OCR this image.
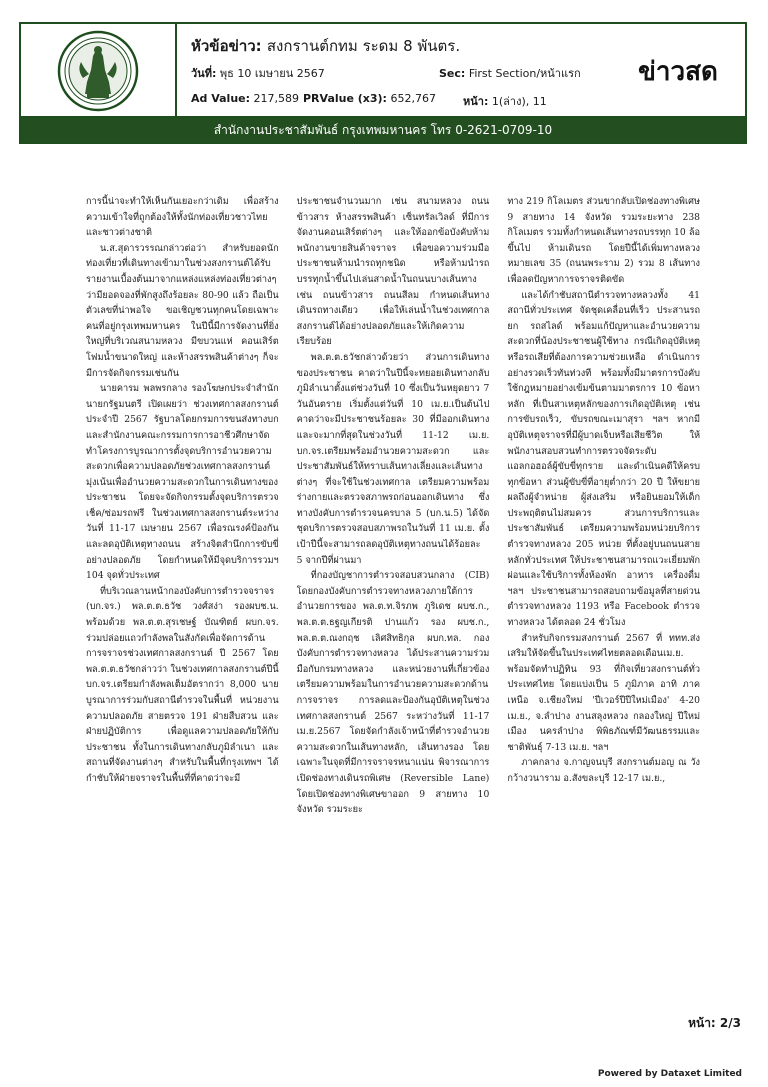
หัวข้อข่าว: สงกรานต์กทม ระดม 8 พันตร.
วันที่: พุธ 10 เมษายน 2567	Sec: First Section/หน้าแรก
Ad Value: 217,589 PRValue (x3): 652,767 หน้า: 1(ล่าง), 11
ข่าวสด
สำนักงานประชาสัมพันธ์ กรุงเทพมหานคร โทร 0-2621-0709-10

การนี้น่าจะทำให้เห็นกันเยอะกว่าเดิม เพื่อสร้างความเข้าใจที่ถูกต้องให้ทั้งนักท่องเที่ยวชาวไทยและชาวต่างชาติ

น.ส.สุดารวรรณกล่าวต่อว่า สำหรับยอดนักท่องเที่ยวที่เดินทางเข้ามาในช่วงสงกรานต์ได้รับรายงานเบื้องต้นมาจากแหล่งแหล่งท่องเที่ยวต่างๆ ว่ามียอดจองที่พักสูงถึงร้อยละ 80-90 แล้ว ถือเป็นตัวเลขที่น่าพอใจ ขอเชิญชวนทุกคนโดยเฉพาะคนที่อยู่กรุงเทพมหานคร ในปีนี้มีการจัดงานที่ยิ่งใหญ่ที่บริเวณสนามหลวง มีขบวนแห่ คอนเสิร์ต โฟมน้ำขนาดใหญ่ และห้างสรรพสินค้าต่างๆ ก็จะมีการจัดกิจกรรมเช่นกัน

นายคารม พลพรกลาง รองโฆษกประจำสำนักนายกรัฐมนตรี เปิดเผยว่า ช่วงเทศกาลสงกรานต์ประจำปี 2567 รัฐบาลโดยกรมการขนส่งทางบกและสำนักงานคณะกรรมการการอาชีวศึกษาจัดทำโครงการบูรณาการตั้งจุดบริการอำนวยความสะดวกเพื่อความปลอดภัยช่วงเทศกาลสงกรานต์ มุ่งเน้นเพื่ออำนวยความสะดวกในการเดินทางของประชาชน โดยจะจัดกิจกรรมตั้งจุดบริการตรวจเช็ค/ซ่อมรถฟรี ในช่วงเทศกาลสงกรานต์ระหว่างวันที่ 11-17 เมษายน 2567 เพื่อรณรงค์ป้องกันและลดอุบัติเหตุทางถนน สร้างจิตสำนึกการขับขี่อย่างปลอดภัย โดยกำหนดให้มีจุดบริการรวมฯ 104 จุดทั่วประเทศ

ที่บริเวณลานหน้ากองบังคับการตำรวจจราจร (บก.จร.) พล.ต.ต.ธวัช วงศ์สง่า รองผบช.น. พร้อมด้วย พล.ต.ต.สุรเชษฐ์ บัณฑิตย์ ผบก.จร. ร่วมปล่อยแถวกำลังพลในสังกัดเพื่อจัดการด้านการจราจรช่วงเทศกาลสงกรานต์ ปี 2567 โดย พล.ต.ต.ธวัชกล่าวว่า ในช่วงเทศกาลสงกรานต์ปีนี้ บก.จร.เตรียมกำลังพลเต็มอัตรากว่า 8,000 นาย บูรณาการร่วมกับสถานีตำรวจในพื้นที่ หน่วยงานความปลอดภัย สายตรวจ 191 ฝ่ายสืบสวน และฝ่ายปฏิบัติการ เพื่อดูแลความปลอดภัยให้กับประชาชน ทั้งในการเดินทางกลับภูมิลำเนา และสถานที่จัดงานต่างๆ สำหรับในพื้นที่กรุงเทพฯ ได้กำชับให้ฝ่ายจราจรในพื้นที่ที่คาดว่าจะมี

ประชาชนจำนวนมาก เช่น สนามหลวง ถนนข้าวสาร ห้างสรรพสินค้า เซ็นทรัลเวิลด์ ที่มีการจัดงานคอนเสิร์ตต่างๆ และให้ออกข้อบังคับห้ามพนักงานขายสินค้าจราจร เพื่อขอความร่วมมือประชาชนห้ามนำรถทุกชนิด หรือห้ามนำรถบรรทุกน้ำขึ้นไปเล่นสาดน้ำในถนนบางเส้นทาง เช่น ถนนข้าวสาร ถนนสีลม กำหนดเส้นทางเดินรถทางเดียว เพื่อให้เล่นน้ำในช่วงเทศกาลสงกรานต์ได้อย่างปลอดภัยและให้เกิดความเรียบร้อย

พล.ต.ต.ธวัชกล่าวด้วยว่า ส่วนการเดินทางของประชาชน คาดว่าในปีนี้จะทยอยเดินทางกลับภูมิลำเนาตั้งแต่ช่วงวันที่ 10 ซึ่งเป็นวันหยุดยาว 7 วันอันตราย เริ่มตั้งแต่วันที่ 10 เม.ย.เป็นต้นไป คาดว่าจะมีประชาชนร้อยละ 30 ที่มีออกเดินทาง และจะมากที่สุดในช่วงวันที่ 11-12 เม.ย. บก.จร.เตรียมพร้อมอำนวยความสะดวก และประชาสัมพันธ์ให้ทราบเส้นทางเลี่ยงและเส้นทางต่างๆ ที่จะใช้ในช่วงเทศกาล เตรียมความพร้อมร่างกายและตรวจสภาพรถก่อนออกเดินทาง ซึ่งทางบังคับการตำรวจนครบาล 5 (บก.น.5) ได้จัดชุดบริการตรวจสอบสภาพรถในวันที่ 11 เม.ย. ตั้งเป้าปีนี้จะสามารถลดอุบัติเหตุทางถนนได้ร้อยละ 5 จากปีที่ผ่านมา

ที่กองบัญชาการตำรวจสอบสวนกลาง (CIB) โดยกองบังคับการตำรวจทางหลวงภายใต้การอำนวยการของ พล.ต.ท.จิรภพ ภูริเดช ผบช.ก., พล.ต.ต.ธฐญเกียรติ ปานแก้ว รอง ผบช.ก., พล.ต.ต.ณงกฤช เลิศสิทธิกุล ผบก.ทล. กองบังคับการตำรวจทางหลวง ได้ประสานความร่วมมือกับกรมทางหลวง และหน่วยงานที่เกี่ยวข้องเตรียมความพร้อมในการอำนวยความสะดวกด้านการจราจร การลดและป้องกันอุบัติเหตุในช่วงเทศกาลสงกรานต์ 2567 ระหว่างวันที่ 11-17 เม.ย.2567 โดยจัดกำลังเจ้าหน้าที่ตำรวจอำนวยความสะดวกในเส้นทางหลัก, เส้นทางรอง โดยเฉพาะในจุดที่มีการจราจรหนาแน่น พิจารณาการเปิดช่องทางเดินรถพิเศษ (Reversible Lane) โดยเปิดช่องทางพิเศษขาออก 9 สายทาง 10 จังหวัด รวมระยะ

ทาง 219 กิโลเมตร ส่วนขากลับเปิดช่องทางพิเศษ 9 สายทาง 14 จังหวัด รวมระยะทาง 238 กิโลเมตร รวมทั้งกำหนดเส้นทางรถบรรทุก 10 ล้อขึ้นไป ห้ามเดินรถ โดยปีนี้ได้เพิ่มทางหลวงหมายเลข 35 (ถนนพระราม 2) รวม 8 เส้นทาง เพื่อลดปัญหาการจราจรติดขัด

และได้กำชับสถานีตำรวจทางหลวงทั้ง 41 สถานีทั่วประเทศ จัดชุดเคลื่อนที่เร็ว ประสานรถยก รถสไลด์ พร้อมแก้ปัญหาและอำนวยความสะดวกที่น้องประชาชนผู้ใช้ทาง กรณีเกิดอุบัติเหตุหรือรถเสียที่ต้องการความช่วยเหลือ ดำเนินการอย่างรวดเร็วทันท่วงที พร้อมทั้งมีมาตรการบังคับใช้กฎหมายอย่างเข้มข้นตามมาตรการ 10 ข้อหาหลัก ที่เป็นสาเหตุหลักของการเกิดอุบัติเหตุ เช่น การขับรถเร็ว, ขับรถขณะเมาสุรา ฯลฯ หากมีอุบัติเหตุจราจรที่มีผู้บาดเจ็บหรือเสียชีวิต ให้พนักงานสอบสวนทำการตรวจจัดระดับแอลกอฮอล์ผู้ขับขี่ทุกราย และดำเนินคดีให้ครบทุกข้อหา ส่วนผู้ขับขี่ที่อายุต่ำกว่า 20 ปี ให้ขยายผลถึงผู้จำหน่าย ผู้ส่งเสริม หรือยินยอมให้เด็กประพฤติตนไม่สมควร ส่วนการบริการและประชาสัมพันธ์ เตรียมความพร้อมหน่วยบริการตำรวจทางหลวง 205 หน่วย ที่ตั้งอยู่บนถนนสายหลักทั่วประเทศ ให้ประชาชนสามารถแวะเยี่ยมพักผ่อนและใช้บริการทั้งห้องพัก อาหาร เครื่องดื่ม ฯลฯ ประชาชนสามารถสอบถามข้อมูลที่สายด่วนตำรวจทางหลวง 1193 หรือ Facebook ตำรวจทางหลวง ได้ตลอด 24 ชั่วโมง

สำหรับกิจกรรมสงกรานต์ 2567 ที่ ททท.ส่งเสริมให้จัดขึ้นในประเทศไทยตลอดเดือนเม.ย. พร้อมจัดทำปฏิทิน 93 ที่กิจเที่ยวสงกรานต์ทั่วประเทศไทย โดยแบ่งเป็น 5 ภูมิภาค อาทิ ภาคเหนือ จ.เชียงใหม่ 'ปีเวอร์ปีปีใหม่เมือง' 4-20 เม.ย., จ.ลำปาง งานสลุงหลวง กลองใหญ่ ปีใหม่เมือง นครลำปาง พิพิธภัณฑ์มีวัฒนธรรมและชาติพันธุ์ 7-13 เม.ย. ฯลฯ

ภาคกลาง จ.กาญจนบุรี สงกรานต์มอญ ณ วังกว้างวนาราม อ.สังขละบุรี 12-17 เม.ย.,

หน้า: 2/3
Powered by Dataxet Limited
